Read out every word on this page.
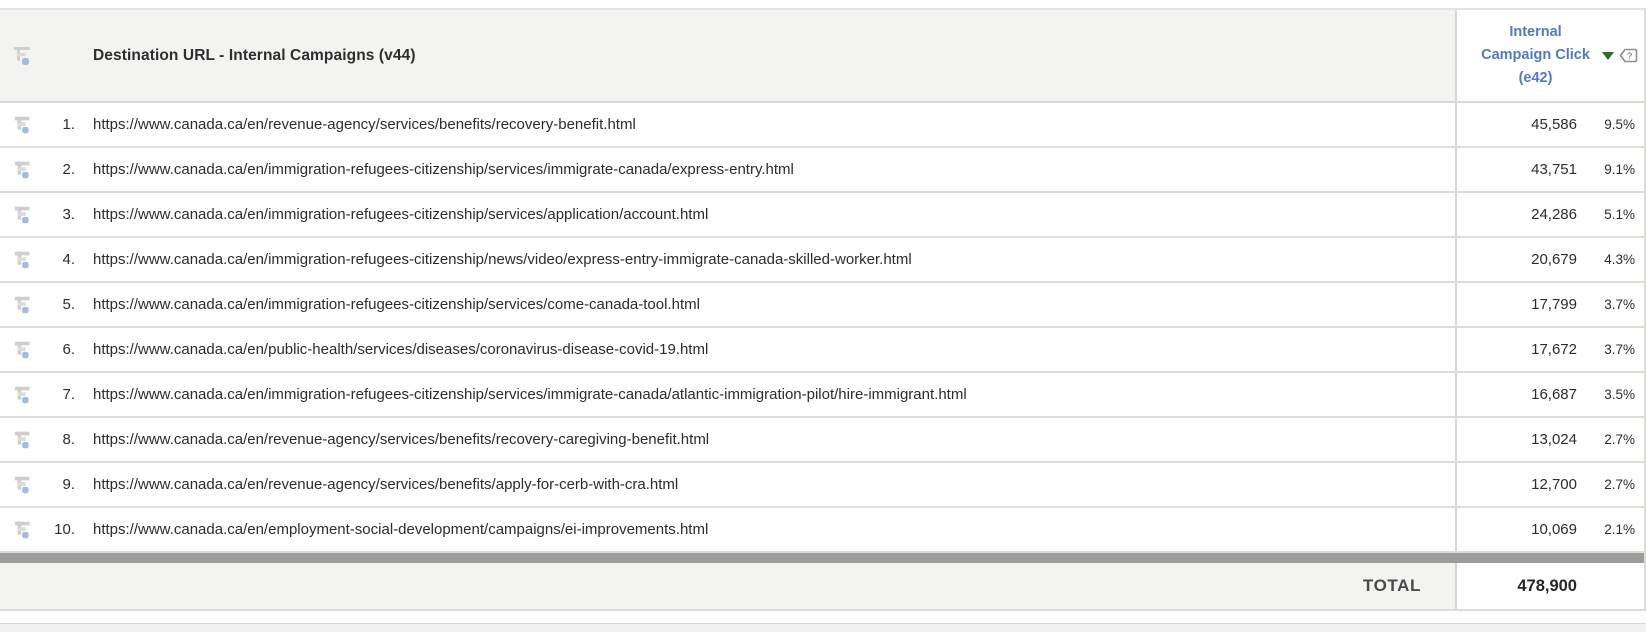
Destination URL - Internal Campaigns (v44)
Internal Campaign Click (e42)
?
1.	https://www.canada.ca/en/revenue-agency/services/benefits/recovery-benefit.html	45,586	9.5%
2.	https://www.canada.ca/en/immigration-refugees-citizenship/services/immigrate-canada/express-entry.html	43,751	9.1%
3.	https://www.canada.ca/en/immigration-refugees-citizenship/services/application/account.html	24,286	5.1%
4.	https://www.canada.ca/en/immigration-refugees-citizenship/news/video/express-entry-immigrate-canada-skilled-worker.html	20,679	4.3%
5.	https://www.canada.ca/en/immigration-refugees-citizenship/services/come-canada-tool.html	17,799	3.7%
6.	https://www.canada.ca/en/public-health/services/diseases/coronavirus-disease-covid-19.html	17,672	3.7%
7.	https://www.canada.ca/en/immigration-refugees-citizenship/services/immigrate-canada/atlantic-immigration-pilot/hire-immigrant.html	16,687	3.5%
8.	https://www.canada.ca/en/revenue-agency/services/benefits/recovery-caregiving-benefit.html	13,024	2.7%
9.	https://www.canada.ca/en/revenue-agency/services/benefits/apply-for-cerb-with-cra.html	12,700	2.7%
10.	https://www.canada.ca/en/employment-social-development/campaigns/ei-improvements.html	10,069	2.1%
TOTAL	478,900
